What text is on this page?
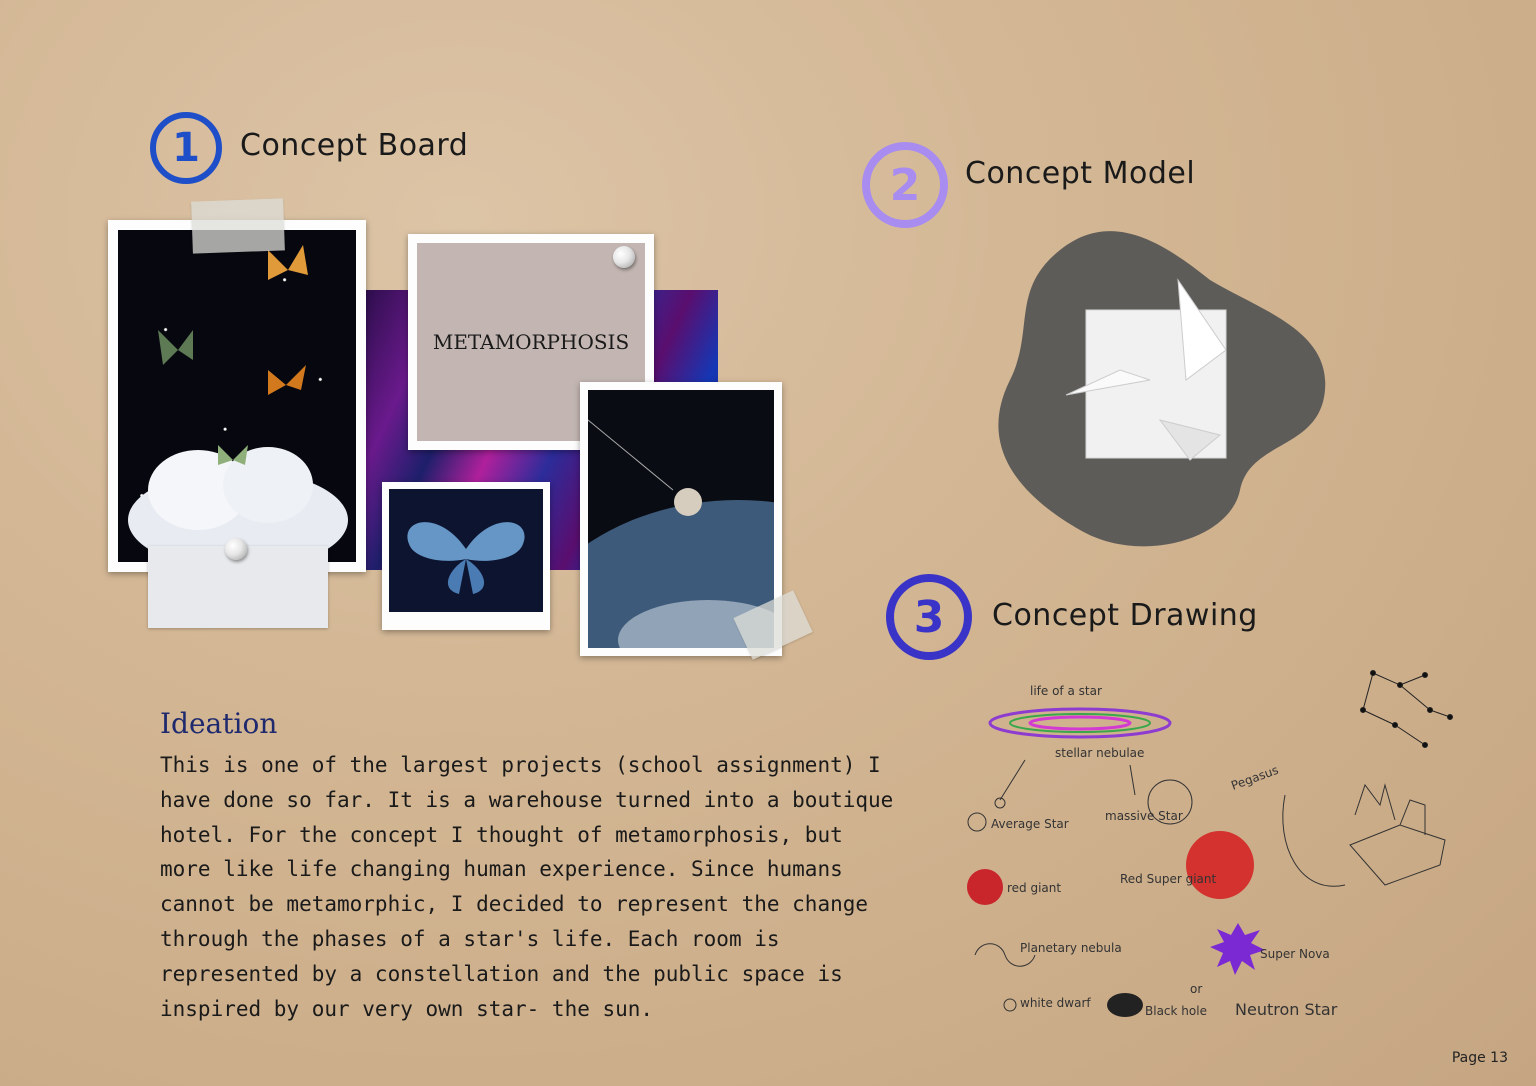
1 Concept Board
METAMORPHOSIS
2 Concept Model
3 Concept Drawing
life of a star
stellar nebulae
Average Star
massive Star
red giant
Red Super giant
Planetary nebula
white dwarf
Super Nova
Black hole
or
Neutron Star
Pegasus
Ideation
This is one of the largest projects (school assignment) I
have done so far. It is a warehouse turned into a boutique
hotel. For the concept I thought of metamorphosis, but
more like life changing human experience. Since humans
cannot be metamorphic, I decided to represent the change
through the phases of a star's life. Each room is
represented by a constellation and the public space is
inspired by our very own star- the sun.
Page 13
